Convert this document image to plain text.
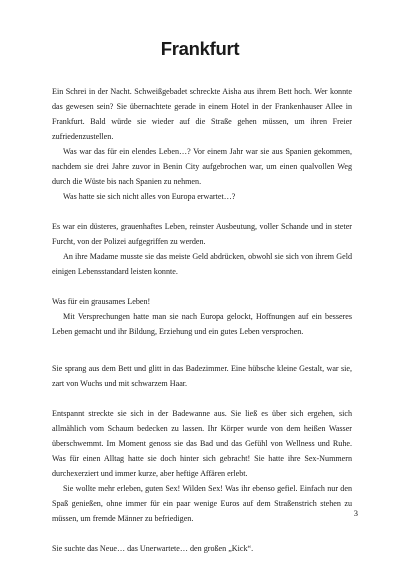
Frankfurt

Ein Schrei in der Nacht. Schweißgebadet schreckte Aisha aus ihrem Bett hoch. Wer konnte das gewesen sein? Sie übernachtete gerade in einem Hotel in der Frankenhauser Allee in Frankfurt. Bald würde sie wieder auf die Straße gehen müssen, um ihren Freier zufriedenzustellen.

Was war das für ein elendes Leben…? Vor einem Jahr war sie aus Spanien gekommen, nachdem sie drei Jahre zuvor in Benin City aufgebrochen war, um einen qualvollen Weg durch die Wüste bis nach Spanien zu nehmen.

Was hatte sie sich nicht alles von Europa erwartet…?

Es war ein düsteres, grauenhaftes Leben, reinster Ausbeutung, voller Schande und in steter Furcht, von der Polizei aufgegriffen zu werden.

An ihre Madame musste sie das meiste Geld abdrücken, obwohl sie sich von ihrem Geld einigen Lebensstandard leisten konnte.

Was für ein grausames Leben!

Mit Versprechungen hatte man sie nach Europa gelockt, Hoffnungen auf ein besseres Leben gemacht und ihr Bildung, Erziehung und ein gutes Leben versprochen.

Sie sprang aus dem Bett und glitt in das Badezimmer. Eine hübsche kleine Gestalt, war sie, zart von Wuchs und mit schwarzem Haar.

Entspannt streckte sie sich in der Badewanne aus. Sie ließ es über sich ergehen, sich allmählich vom Schaum bedecken zu lassen. Ihr Körper wurde von dem heißen Wasser überschwemmt. Im Moment genoss sie das Bad und das Gefühl von Wellness und Ruhe. Was für einen Alltag hatte sie doch hinter sich gebracht! Sie hatte ihre Sex-Nummern durchexerziert und immer kurze, aber heftige Affären erlebt.

Sie wollte mehr erleben, guten Sex! Wilden Sex! Was ihr ebenso gefiel. Einfach nur den Spaß genießen, ohne immer für ein paar wenige Euros auf dem Straßenstrich stehen zu müssen, um fremde Männer zu befriedigen.

Sie suchte das Neue… das Unerwartete… den großen „Kick“.

3
